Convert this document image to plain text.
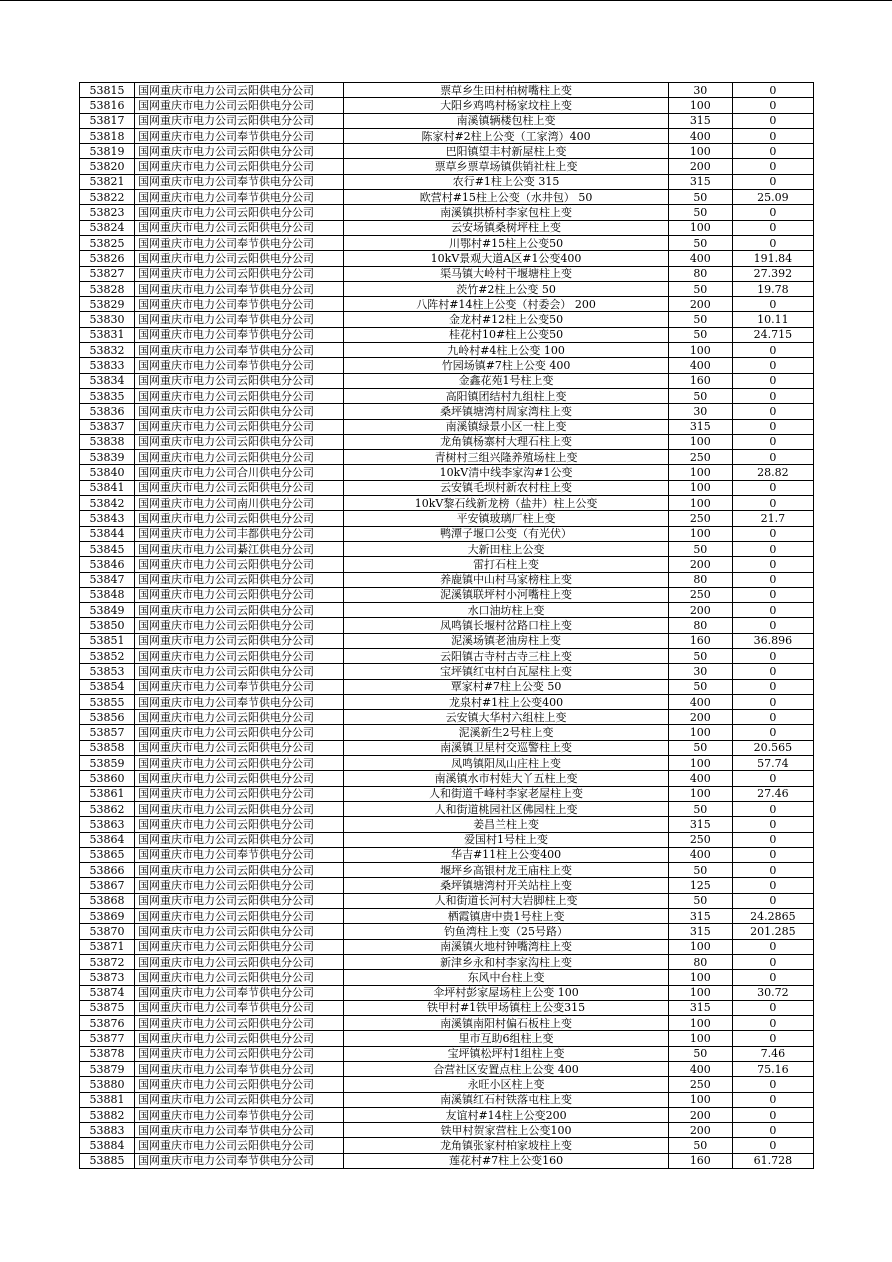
53815	国网重庆市电力公司云阳供电分公司	票草乡生田村柏树嘴柱上变	30	0
53816	国网重庆市电力公司云阳供电分公司	大阳乡鸡鸣村杨家坟柱上变	100	0
53817	国网重庆市电力公司云阳供电分公司	南溪镇辆楼包柱上变	315	0
53818	国网重庆市电力公司奉节供电分公司	陈家村#2柱上公变（工家湾）400	400	0
53819	国网重庆市电力公司云阳供电分公司	巴阳镇望丰村新屋柱上变	100	0
53820	国网重庆市电力公司云阳供电分公司	票草乡票草场镇供销社柱上变	200	0
53821	国网重庆市电力公司奉节供电分公司	农行#1柱上公变 315	315	0
53822	国网重庆市电力公司奉节供电分公司	欧营村#15柱上公变（水井包） 50	50	25.09
53823	国网重庆市电力公司云阳供电分公司	南溪镇拱桥村李家包柱上变	50	0
53824	国网重庆市电力公司云阳供电分公司	云安场镇桑树坪柱上变	100	0
53825	国网重庆市电力公司奉节供电分公司	川鄂村#15柱上公变50	50	0
53826	国网重庆市电力公司云阳供电分公司	10kV景观大道A区#1公变400	400	191.84
53827	国网重庆市电力公司云阳供电分公司	渠马镇大岭村干堰塘柱上变	80	27.392
53828	国网重庆市电力公司奉节供电分公司	茨竹#2柱上公变 50	50	19.78
53829	国网重庆市电力公司奉节供电分公司	八阵村#14柱上公变（村委会） 200	200	0
53830	国网重庆市电力公司奉节供电分公司	金龙村#12柱上公变50	50	10.11
53831	国网重庆市电力公司奉节供电分公司	桂花村10#柱上公变50	50	24.715
53832	国网重庆市电力公司奉节供电分公司	九岭村#4柱上公变 100	100	0
53833	国网重庆市电力公司奉节供电分公司	竹园场镇#7柱上公变 400	400	0
53834	国网重庆市电力公司云阳供电分公司	金鑫花苑1号柱上变	160	0
53835	国网重庆市电力公司云阳供电分公司	高阳镇团结村九组柱上变	50	0
53836	国网重庆市电力公司云阳供电分公司	桑坪镇塘湾村周家湾柱上变	30	0
53837	国网重庆市电力公司云阳供电分公司	南溪镇绿景小区一柱上变	315	0
53838	国网重庆市电力公司云阳供电分公司	龙角镇杨寨村大理石柱上变	100	0
53839	国网重庆市电力公司云阳供电分公司	青树村三组兴隆养殖场柱上变	250	0
53840	国网重庆市电力公司合川供电分公司	10kV清中线李家沟#1公变	100	28.82
53841	国网重庆市电力公司云阳供电分公司	云安镇毛坝村新农村柱上变	100	0
53842	国网重庆市电力公司南川供电分公司	10kV黎石线新龙榜（盐井）柱上公变	100	0
53843	国网重庆市电力公司云阳供电分公司	平安镇玻璃厂柱上变	250	21.7
53844	国网重庆市电力公司丰都供电分公司	鸭潭子堰口公变（有光伏）	100	0
53845	国网重庆市电力公司綦江供电分公司	大新田柱上公变	50	0
53846	国网重庆市电力公司云阳供电分公司	雷打石柱上变	200	0
53847	国网重庆市电力公司云阳供电分公司	养鹿镇中山村马家榜柱上变	80	0
53848	国网重庆市电力公司云阳供电分公司	泥溪镇联坪村小河嘴柱上变	250	0
53849	国网重庆市电力公司云阳供电分公司	水口油坊柱上变	200	0
53850	国网重庆市电力公司云阳供电分公司	凤鸣镇长堰村岔路口柱上变	80	0
53851	国网重庆市电力公司云阳供电分公司	泥溪场镇老油房柱上变	160	36.896
53852	国网重庆市电力公司云阳供电分公司	云阳镇古寺村古寺三柱上变	50	0
53853	国网重庆市电力公司云阳供电分公司	宝坪镇红屯村白瓦屋柱上变	30	0
53854	国网重庆市电力公司奉节供电分公司	覃家村#7柱上公变 50	50	0
53855	国网重庆市电力公司奉节供电分公司	龙泉村#1柱上公变400	400	0
53856	国网重庆市电力公司云阳供电分公司	云安镇大华村六组柱上变	200	0
53857	国网重庆市电力公司云阳供电分公司	泥溪新生2号柱上变	100	0
53858	国网重庆市电力公司云阳供电分公司	南溪镇卫星村交巡警柱上变	50	20.565
53859	国网重庆市电力公司云阳供电分公司	凤鸣镇阳凤山庄柱上变	100	57.74
53860	国网重庆市电力公司云阳供电分公司	南溪镇水市村娃大丫五柱上变	400	0
53861	国网重庆市电力公司云阳供电分公司	人和街道千峰村李家老屋柱上变	100	27.46
53862	国网重庆市电力公司云阳供电分公司	人和街道桃园社区佛园柱上变	50	0
53863	国网重庆市电力公司云阳供电分公司	姜昌兰柱上变	315	0
53864	国网重庆市电力公司云阳供电分公司	爱国村1号柱上变	250	0
53865	国网重庆市电力公司奉节供电分公司	华吉#11柱上公变400	400	0
53866	国网重庆市电力公司云阳供电分公司	堰坪乡高银村龙王庙柱上变	50	0
53867	国网重庆市电力公司云阳供电分公司	桑坪镇塘湾村开关站柱上变	125	0
53868	国网重庆市电力公司云阳供电分公司	人和街道长河村大岩脚柱上变	50	0
53869	国网重庆市电力公司云阳供电分公司	栖霞镇唐中贵1号柱上变	315	24.2865
53870	国网重庆市电力公司云阳供电分公司	钓鱼湾柱上变（25号路）	315	201.285
53871	国网重庆市电力公司云阳供电分公司	南溪镇火地村钟嘴湾柱上变	100	0
53872	国网重庆市电力公司云阳供电分公司	新津乡永和村李家沟柱上变	80	0
53873	国网重庆市电力公司云阳供电分公司	东风中台柱上变	100	0
53874	国网重庆市电力公司奉节供电分公司	伞坪村彭家屋场柱上公变 100	100	30.72
53875	国网重庆市电力公司奉节供电分公司	铁甲村#1铁甲场镇柱上公变315	315	0
53876	国网重庆市电力公司云阳供电分公司	南溪镇南阳村偏石板柱上变	100	0
53877	国网重庆市电力公司云阳供电分公司	里市互助6组柱上变	100	0
53878	国网重庆市电力公司云阳供电分公司	宝坪镇松坪村1组柱上变	50	7.46
53879	国网重庆市电力公司奉节供电分公司	合营社区安置点柱上公变 400	400	75.16
53880	国网重庆市电力公司云阳供电分公司	永旺小区柱上变	250	0
53881	国网重庆市电力公司云阳供电分公司	南溪镇红石村铁落屯柱上变	100	0
53882	国网重庆市电力公司奉节供电分公司	友谊村#14柱上公变200	200	0
53883	国网重庆市电力公司奉节供电分公司	铁甲村贺家营柱上公变100	200	0
53884	国网重庆市电力公司云阳供电分公司	龙角镇张家村柏家坡柱上变	50	0
53885	国网重庆市电力公司奉节供电分公司	莲花村#7柱上公变160	160	61.728
